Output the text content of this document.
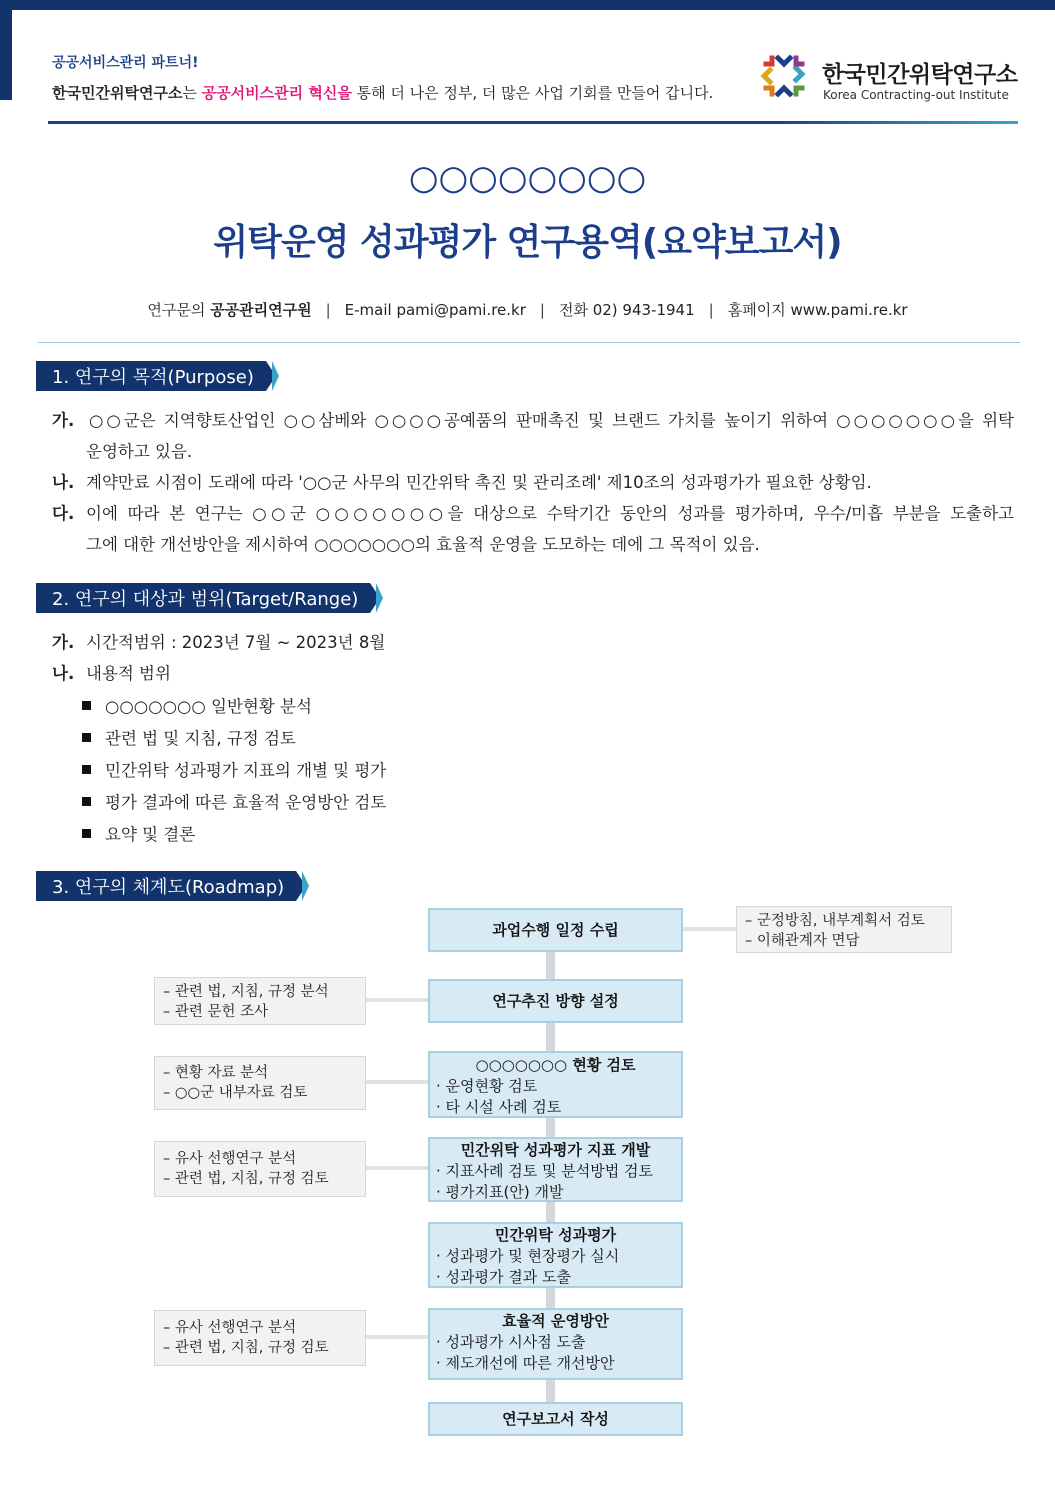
공공서비스관리 파트너!
한국민간위탁연구소는 공공서비스관리 혁신을 통해 더 나은 정부, 더 많은 사업 기회를 만들어 갑니다.
한국민간위탁연구소
Korea Contracting-out Institute
○○○○○○○○
위탁운영 성과평가 연구용역(요약보고서)
연구문의 공공관리연구원 | E-mail pami@pami.re.kr | 전화 02) 943-1941 | 홈페이지 www.pami.re.kr
1. 연구의 목적(Purpose)
가. ○○군은 지역향토산업인 ○○삼베와 ○○○○공예품의 판매촉진 및 브랜드 가치를 높이기 위하여 ○○○○○○○을 위탁
운영하고 있음.
나. 계약만료 시점이 도래에 따라 '○○군 사무의 민간위탁 촉진 및 관리조례' 제10조의 성과평가가 필요한 상황임.
다. 이에 따라 본 연구는 ○○군 ○○○○○○○을 대상으로 수탁기간 동안의 성과를 평가하며, 우수/미흡 부분을 도출하고
그에 대한 개선방안을 제시하여 ○○○○○○○의 효율적 운영을 도모하는 데에 그 목적이 있음.
2. 연구의 대상과 범위(Target/Range)
가. 시간적범위 : 2023년 7월 ~ 2023년 8월
나. 내용적 범위
○○○○○○○ 일반현황 분석
관련 법 및 지침, 규정 검토
민간위탁 성과평가 지표의 개별 및 평가
평가 결과에 따른 효율적 운영방안 검토
요약 및 결론
3. 연구의 체계도(Roadmap)
과업수행 일정 수립
연구추진 방향 설정
○○○○○○○ 현황 검토
· 운영현황 검토
· 타 시설 사례 검토
민간위탁 성과평가 지표 개발
· 지표사례 검토 및 분석방법 검토
· 평가지표(안) 개발
민간위탁 성과평가
· 성과평가 및 현장평가 실시
· 성과평가 결과 도출
효율적 운영방안
· 성과평가 시사점 도출
· 제도개선에 따른 개선방안
연구보고서 작성
– 군정방침, 내부계획서 검토
– 이해관계자 면담
– 관련 법, 지침, 규정 분석
– 관련 문헌 조사
– 현황 자료 분석
– ○○군 내부자료 검토
– 유사 선행연구 분석
– 관련 법, 지침, 규정 검토
– 유사 선행연구 분석
– 관련 법, 지침, 규정 검토
